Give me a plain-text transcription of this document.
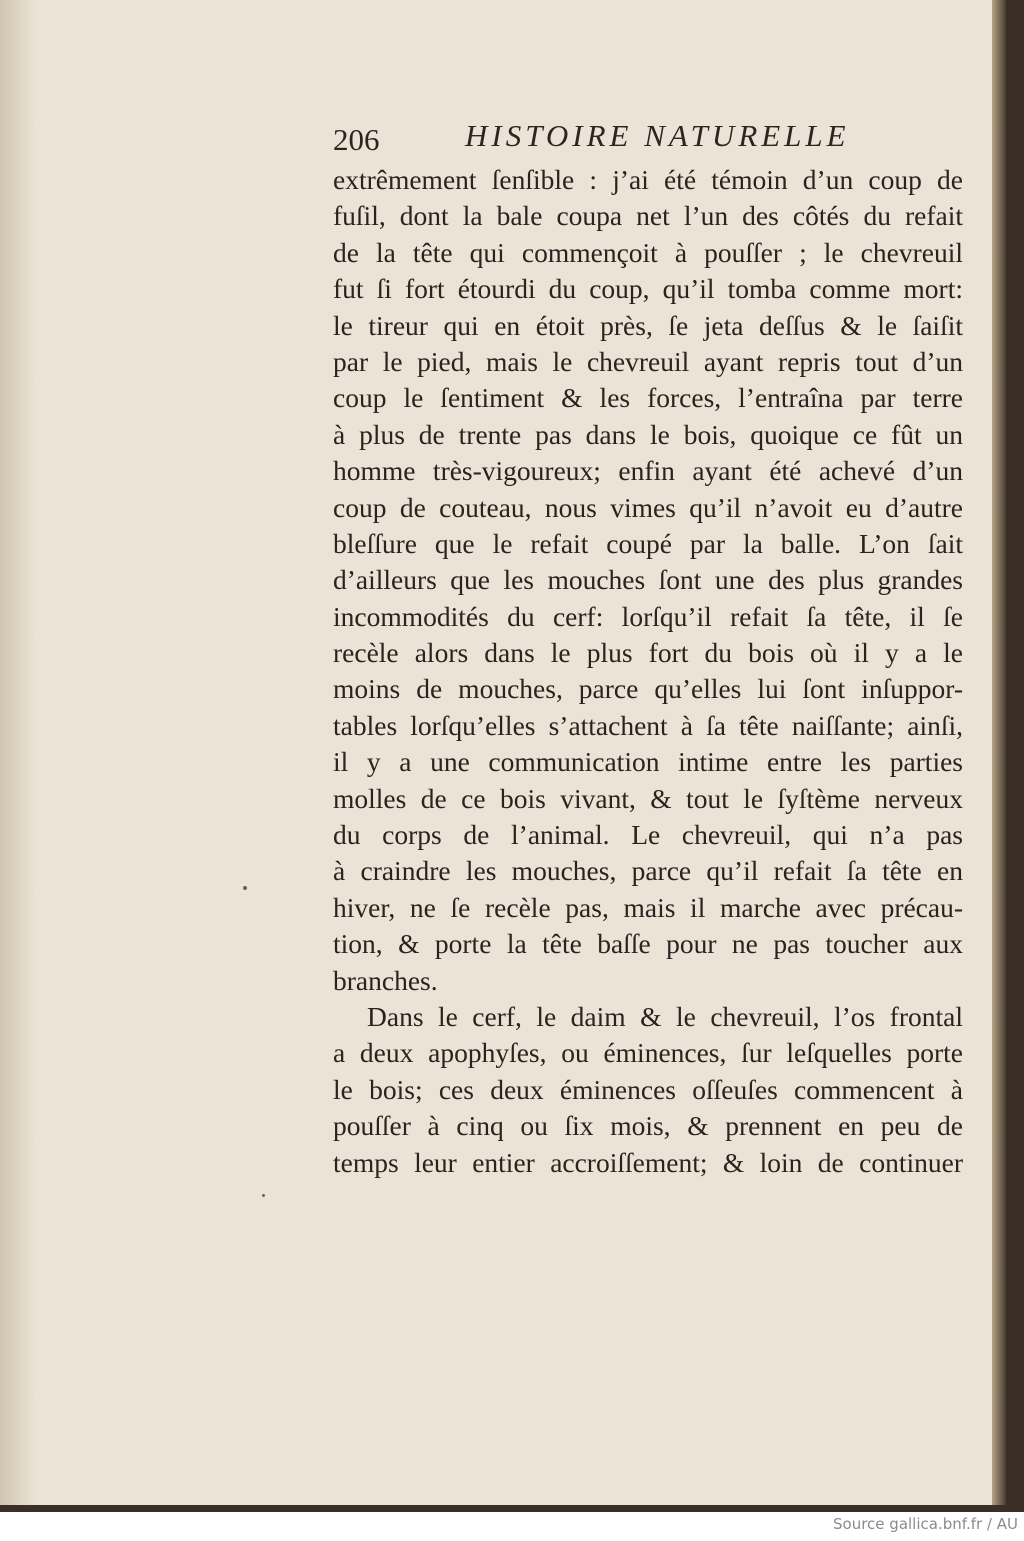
206	HISTOIRE NATURELLE
extrêmement ſenſible : j’ai été témoin d’un coup de
fuſil, dont la bale coupa net l’un des côtés du refait
de la tête qui commençoit à pouſſer ; le chevreuil
fut ſi fort étourdi du coup, qu’il tomba comme mort:
le tireur qui en étoit près, ſe jeta deſſus & le ſaiſit
par le pied, mais le chevreuil ayant repris tout d’un
coup le ſentiment & les forces, l’entraîna par terre
à plus de trente pas dans le bois, quoique ce fût un
homme très-vigoureux; enfin ayant été achevé d’un
coup de couteau, nous vimes qu’il n’avoit eu d’autre
bleſſure que le refait coupé par la balle. L’on ſait
d’ailleurs que les mouches ſont une des plus grandes
incommodités du cerf: lorſqu’il refait ſa tête, il ſe
recèle alors dans le plus fort du bois où il y a le
moins de mouches, parce qu’elles lui ſont inſuppor-
tables lorſqu’elles s’attachent à ſa tête naiſſante; ainſi,
il y a une communication intime entre les parties
molles de ce bois vivant, & tout le ſyſtème nerveux
du corps de l’animal. Le chevreuil, qui n’a pas
à craindre les mouches, parce qu’il refait ſa tête en
hiver, ne ſe recèle pas, mais il marche avec précau-
tion, & porte la tête baſſe pour ne pas toucher aux
branches.
Dans le cerf, le daim & le chevreuil, l’os frontal
a deux apophyſes, ou éminences, ſur leſquelles porte
le bois; ces deux éminences oſſeuſes commencent à
pouſſer à cinq ou ſix mois, & prennent en peu de
temps leur entier accroiſſement; & loin de continuer
Source gallica.bnf.fr / AU
